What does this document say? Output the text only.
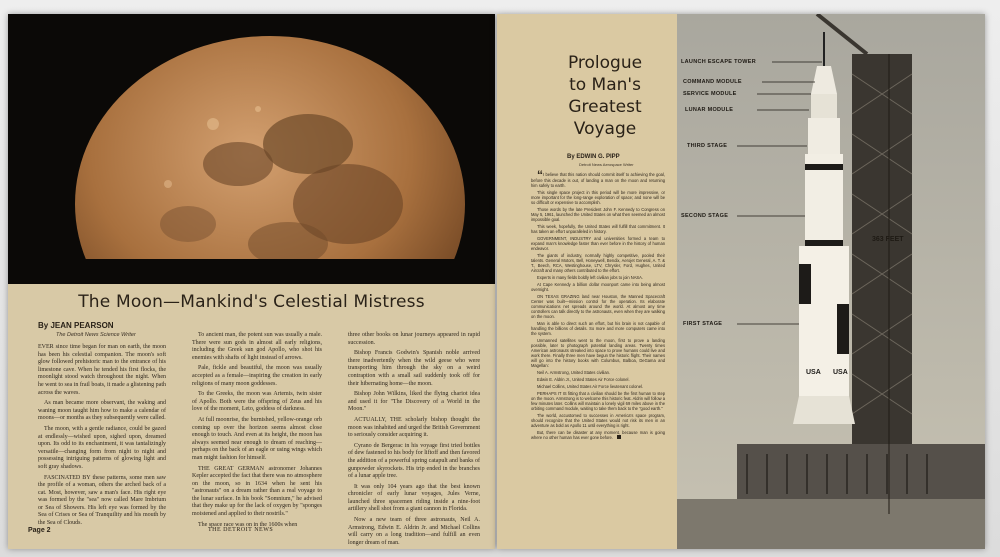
The Moon—Mankind's Celestial Mistress
By JEAN PEARSON
The Detroit News Science Writer

EVER since time began for man on earth, the moon has been his celestial companion. The moon's soft glow followed prehistoric man to the entrance of his limestone cave. When he tended his first flocks, the moonlight stood watch throughout the night. When he went to sea in frail boats, it made a glistening path across the waves.

As man became more observant, the waking and waning moon taught him how to make a calendar of moons—or months as they subsequently were called.

The moon, with a gentle radiance, could be gazed at endlessly—wished upon, sighed upon, dreamed upon. Its odd to its enchantment, it was tantalizingly versatile—changing form from night to night and possessing intriguing patterns of glowing light and soft gray shadows.

FASCINATED BY these patterns, some men saw the profile of a woman, others the arched back of a cat. Most, however, saw a man's face. His right eye was formed by the "sea" now called Mare Imbrium or Sea of Showers. His left eye was formed by the Sea of Crises or Sea of Tranquility and his mouth by the Sea of Clouds.

To ancient man, the potent sun was usually a male. There were sun gods in almost all early religions, including the Greek sun god Apollo, who shot his enemies with shafts of light instead of arrows.

Pale, fickle and beautiful, the moon was usually accepted as a female—inspiring the creation in early religions of many moon goddesses.

To the Greeks, the moon was Artemis, twin sister of Apollo. Both were the offspring of Zeus and his love of the moment, Leto, goddess of darkness.

At full moonrise, the burnished, yellow-orange orb coming up over the horizon seems almost close enough to touch. And even at its height, the moon has always seemed near enough to dream of reaching—perhaps on the back of an eagle or using wings which man might fashion for himself.

THE GREAT GERMAN astronomer Johannes Kepler accepted the fact that there was no atmosphere on the moon, so in 1634 when he sent his "astronauts" on a dream rather than a real voyage to the lunar surface. In his book "Somnium," he advised that they make up for the lack of oxygen by "sponges moistened and applied to their nostrils."

The space race was on in the 1600s when

three other books on lunar journeys appeared in rapid succession.

Bishop Francis Godwin's Spanish noble arrived there inadvertently when the wild geese who were transporting him through the sky on a weird contraption with a small sail suddenly took off for their hibernating home—the moon.

Bishop John Wilkins, liked the flying chariot idea and used it for "The Discovery of a World in the Moon."

ACTUALLY, THE scholarly bishop thought the moon was inhabited and urged the British Government to seriously consider acquiring it.

Cyrano de Bergerac in his voyage first tried bottles of dew fastened to his body for liftoff and then favored the addition of a powerful spring catapult and banks of gunpowder skyrockets. His trip ended in the branches of a lunar apple tree.

It was only 104 years ago that the best known chronicler of early lunar voyages, Jules Verne, launched three spacemen riding inside a nine-foot artillery shell shot from a giant cannon in Florida.

Now a new team of three astronauts, Neil A. Armstrong, Edwin E. Aldrin Jr. and Michael Collins will carry on a long tradition—and fulfill an even longer dream of man.

Page 2	THE DETROIT NEWS
Prologue
to Man's
Greatest
Voyage
By EDWIN G. PIPP
Detroit News Aerospace Writer

“I believe that this nation should commit itself to achieving the goal, before this decade is out, of landing a man on the moon and returning him safely to earth.

This single space project in this period will be more impressive, or more important for the long-range exploration of space; and none will be so difficult or expensive to accomplish.

Those words by the late President John F. Kennedy to Congress on May 5, 1961, launched the United States on what then seemed an almost impossible goal.

This week, hopefully, the United States will fulfill that commitment. It has taken an effort unparalleled in history.

GOVERNMENT, INDUSTRY and universities formed a team to expand man's knowledge faster than ever before in the history of human endeavor.

The giants of industry, normally highly competitive, pooled their talents. General Motors, Bell, Honeywell, Bendix, Aerojet General, A. T. & T., Beech, RCA, Westinghouse, LTV, Chrysler, Ford, Hughes, United Aircraft and many others contributed to the effort.

Experts in many fields boldly left civilian jobs to join NASA.

At Cape Kennedy a billion dollar moonport came into being almost overnight.

ON TEXAS GRAZING land near Houston, the Manned Spacecraft Center was built—mission control for the operation. Its elaborate communications net spreads around the world. At almost any time controllers can talk directly to the astronauts, even when they are walking on the moon.

Man is able to direct such an effort, but his brain is not capable of handling the billions of details. So more and more computers came into the system.

Unmanned satellites went to the moon, first to prove a landing possible, later to photograph potential landing areas. Twenty times American astronauts streaked into space to prove humans could live and work there. Finally three men have begun the historic flight. Their names will go into the history books with Columbus, Balboa, DeGama and Magellan:

Neil A. Armstrong, United States civilian.

Edwin E. Aldrin Jr., United States Air Force colonel.

Michael Collins, United States Air Force lieutenant colonel.

PERHAPS IT IS fitting that a civilian should be the first human to step on the moon. Armstrong is to welcome this historic feat. Aldrin will follow a few minutes later. Collins will maintain a lonely vigil 69 miles above in the orbiting command module, waiting to take them back to the "good earth."

The world, accustomed to successes in America's space program, should recognize that the United States would not risk its men in an adventure as bold as Apollo 11 until everything is right.

But, there can be disaster at any moment, because man is going where no other human has ever gone before.

USA USA
LAUNCH ESCAPE TOWER
COMMAND MODULE
SERVICE MODULE
LUNAR MODULE
THIRD STAGE
SECOND STAGE
FIRST STAGE
363 FEET
